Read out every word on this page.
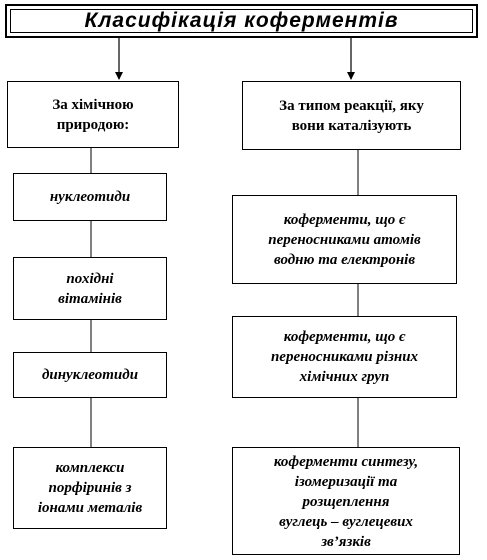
Класифікація коферментів
За хімічною
природою:
За типом реакції, яку
вони каталізують
нуклеотиди
похідні
вітамінів
динуклеотиди
комплекси
порфіринів з
іонами металів
коферменти, що є
переносниками атомів
водню та електронів
коферменти, що є
переносниками різних
хімічних груп
коферменти синтезу,
ізомеризації та
розщеплення
вуглець – вуглецевих
зв’язків
